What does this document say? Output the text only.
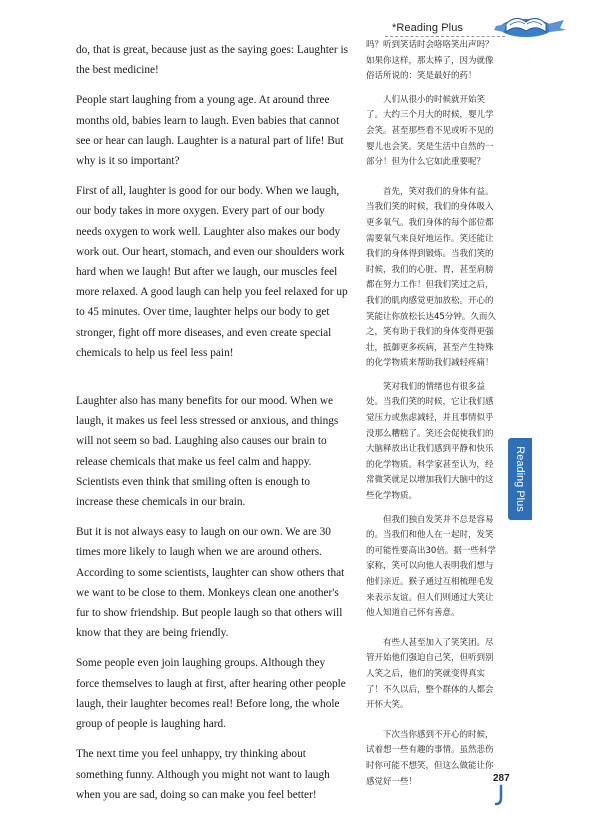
*Reading Plus

do, that is great, because just as the saying goes: Laughter is the best medicine!

People start laughing from a young age. At around three months old, babies learn to laugh. Even babies that cannot see or hear can laugh. Laughter is a natural part of life! But why is it so important?

First of all, laughter is good for our body. When we laugh, our body takes in more oxygen. Every part of our body needs oxygen to work well. Laughter also makes our body work out. Our heart, stomach, and even our shoulders work hard when we laugh! But after we laugh, our muscles feel more relaxed. A good laugh can help you feel relaxed for up to 45 minutes. Over time, laughter helps our body to get stronger, fight off more diseases, and even create special chemicals to help us feel less pain!

Laughter also has many benefits for our mood. When we laugh, it makes us feel less stressed or anxious, and things will not seem so bad. Laughing also causes our brain to release chemicals that make us feel calm and happy. Scientists even think that smiling often is enough to increase these chemicals in our brain.

But it is not always easy to laugh on our own. We are 30 times more likely to laugh when we are around others. According to some scientists, laughter can show others that we want to be close to them. Monkeys clean one another's fur to show friendship. But people laugh so that others will know that they are being friendly.

Some people even join laughing groups. Although they force themselves to laugh at first, after hearing other people laugh, their laughter becomes real! Before long, the whole group of people is laughing hard.

The next time you feel unhappy, try thinking about something funny. Although you might not want to laugh when you are sad, doing so can make you feel better!

吗？听到笑话时会咯咯笑出声吗？如果你这样，那太棒了，因为就像俗话所说的：笑是最好的药！

人们从很小的时候就开始笑了。大约三个月大的时候，婴儿学会笑。甚至那些看不见或听不见的婴儿也会笑。笑是生活中自然的一部分！但为什么它如此重要呢？

首先，笑对我们的身体有益。当我们笑的时候，我们的身体吸入更多氧气。我们身体的每个部位都需要氧气来良好地运作。笑还能让我们的身体得到锻炼。当我们笑的时候，我们的心脏、胃，甚至肩膀都在努力工作！但我们笑过之后，我们的肌肉感觉更加放松。开心的笑能让你放松长达45分钟。久而久之，笑有助于我们的身体变得更强壮，抵御更多疾病，甚至产生特殊的化学物质来帮助我们减轻疼痛！

笑对我们的情绪也有很多益处。当我们笑的时候，它让我们感觉压力或焦虑减轻，并且事情似乎没那么糟糕了。笑还会促使我们的大脑释放出让我们感到平静和快乐的化学物质。科学家甚至认为，经常微笑就足以增加我们大脑中的这些化学物质。

但我们独自发笑并不总是容易的。当我们和他人在一起时，发笑的可能性要高出30倍。据一些科学家称，笑可以向他人表明我们想与他们亲近。猴子通过互相梳理毛发来表示友谊。但人们则通过大笑让他人知道自己怀有善意。

有些人甚至加入了笑笑团。尽管开始他们强迫自己笑，但听到别人笑之后，他们的笑就变得真实了！不久以后，整个群体的人都会开怀大笑。

下次当你感到不开心的时候，试着想一些有趣的事情。虽然悲伤时你可能不想笑，但这么做能让你感觉好一些！

Reading Plus
287
